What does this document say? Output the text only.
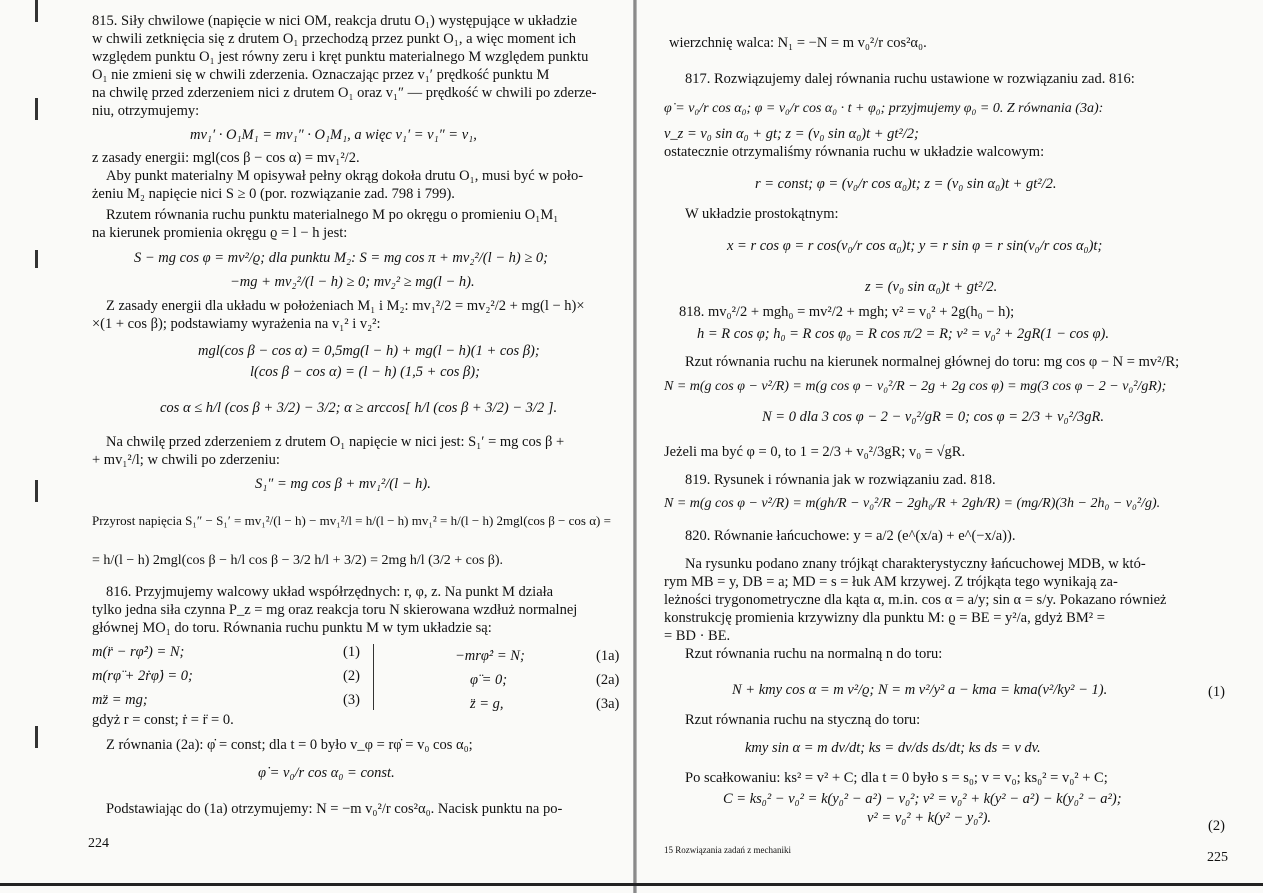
815. Siły chwilowe (napięcie w nici OM, reakcja drutu O₁) występujące w układzie
w chwili zetknięcia się z drutem O₁ przechodzą przez punkt O₁, a więc moment ich
względem punktu O₁ jest równy zeru i kręt punktu materialnego M względem punktu
O₁ nie zmieni się w chwili zderzenia. Oznaczając przez v₁′ prędkość punktu M
na chwilę przed zderzeniem nici z drutem O₁ oraz v₁″ — prędkość w chwili po zderze-
niu, otrzymujemy:
mv₁′ · O₁M₁ = mv₁″ · O₁M₁, a więc v₁′ = v₁″ = v₁,
z zasady energii: mgl(cos β − cos α) = mv₁²/2.
Aby punkt materialny M opisywał pełny okrąg dokoła drutu O₁, musi być w poło-
żeniu M₂ napięcie nici S ≥ 0 (por. rozwiązanie zad. 798 i 799).
Rzutem równania ruchu punktu materialnego M po okręgu o promieniu O₁M₁
na kierunek promienia okręgu ϱ = l − h jest:
S − mg cos φ = mv²/ϱ; dla punktu M₂: S = mg cos π + mv₂²/(l − h) ≥ 0;
−mg + mv₂²/(l − h) ≥ 0; mv₂² ≥ mg(l − h).
Z zasady energii dla układu w położeniach M₁ i M₂: mv₁²/2 = mv₂²/2 + mg(l − h)×
×(1 + cos β); podstawiamy wyrażenia na v₁² i v₂²:
mgl(cos β − cos α) = 0,5mg(l − h) + mg(l − h)(1 + cos β);
l(cos β − cos α) = (l − h) (1,5 + cos β);
cos α ≤ h/l (cos β + 3/2) − 3/2; α ≥ arccos[ h/l (cos β + 3/2) − 3/2 ].
Na chwilę przed zderzeniem z drutem O₁ napięcie w nici jest: S₁′ = mg cos β +
+ mv₁²/l; w chwili po zderzeniu:
S₁″ = mg cos β + mv₁²/(l − h).
Przyrost napięcia S₁″ − S₁′ = mv₁²/(l − h) − mv₁²/l = h/(l − h) mv₁² = h/(l − h) 2mgl(cos β − cos α) =
= h/(l − h) 2mgl(cos β − h/l cos β − 3/2 h/l + 3/2) = 2mg h/l (3/2 + cos β).
816. Przyjmujemy walcowy układ współrzędnych: r, φ, z. Na punkt M działa
tylko jedna siła czynna P_z = mg oraz reakcja toru N skierowana wzdłuż normalnej
głównej MO₁ do toru. Równania ruchu punktu M w tym układzie są:
m(r̈ − rφ̇²) = N;	(1)
m(rφ̈ + 2ṙφ̇) = 0;	(2)
mz̈ = mg;	(3)
−mrφ̇² = N;	(1a)
φ̈ = 0;	(2a)
z̈ = g,	(3a)
gdyż r = const; ṙ = r̈ = 0.
Z równania (2a): φ̇ = const; dla t = 0 było v_φ = rφ̇ = v₀ cos α₀;
φ̇ = v₀/r cos α₀ = const.
Podstawiając do (1a) otrzymujemy: N = −m v₀²/r cos²α₀. Nacisk punktu na po-
224
wierzchnię walca: N₁ = −N = m v₀²/r cos²α₀.
817. Rozwiązujemy dalej równania ruchu ustawione w rozwiązaniu zad. 816:
φ̇ = v₀/r cos α₀; φ = v₀/r cos α₀ · t + φ₀; przyjmujemy φ₀ = 0. Z równania (3a):
v_z = v₀ sin α₀ + gt; z = (v₀ sin α₀)t + gt²/2;
ostatecznie otrzymaliśmy równania ruchu w układzie walcowym:
r = const; φ = (v₀/r cos α₀)t; z = (v₀ sin α₀)t + gt²/2.
W układzie prostokątnym:
x = r cos φ = r cos(v₀/r cos α₀)t; y = r sin φ = r sin(v₀/r cos α₀)t;
z = (v₀ sin α₀)t + gt²/2.
818. mv₀²/2 + mgh₀ = mv²/2 + mgh; v² = v₀² + 2g(h₀ − h);
h = R cos φ; h₀ = R cos φ₀ = R cos π/2 = R; v² = v₀² + 2gR(1 − cos φ).
Rzut równania ruchu na kierunek normalnej głównej do toru: mg cos φ − N = mv²/R;
N = m(g cos φ − v²/R) = m(g cos φ − v₀²/R − 2g + 2g cos φ) = mg(3 cos φ − 2 − v₀²/gR);
N = 0 dla 3 cos φ − 2 − v₀²/gR = 0; cos φ = 2/3 + v₀²/3gR.
Jeżeli ma być φ = 0, to 1 = 2/3 + v₀²/3gR; v₀ = √gR.
819. Rysunek i równania jak w rozwiązaniu zad. 818.
N = m(g cos φ − v²/R) = m(gh/R − v₀²/R − 2gh₀/R + 2gh/R) = (mg/R)(3h − 2h₀ − v₀²/g).
820. Równanie łańcuchowe: y = a/2 (e^(x/a) + e^(−x/a)).
Na rysunku podano znany trójkąt charakterystyczny łańcuchowej MDB, w któ-
rym MB = y, DB = a; MD = s = łuk AM krzywej. Z trójkąta tego wynikają za-
leżności trygonometryczne dla kąta α, m.in. cos α = a/y; sin α = s/y. Pokazano również
konstrukcję promienia krzywizny dla punktu M: ϱ = BE = y²/a, gdyż BM² =
= BD · BE.
Rzut równania ruchu na normalną n do toru:
N + kmy cos α = m v²/ϱ; N = m v²/y² a − kma = kma(v²/ky² − 1).	(1)
Rzut równania ruchu na styczną do toru:
kmy sin α = m dv/dt; ks = dv/ds ds/dt; ks ds = v dv.
Po scałkowaniu: ks² = v² + C; dla t = 0 było s = s₀; v = v₀; ks₀² = v₀² + C;
C = ks₀² − v₀² = k(y₀² − a²) − v₀²; v² = v₀² + k(y² − a²) − k(y₀² − a²);
v² = v₀² + k(y² − y₀²).	(2)
15 Rozwiązania zadań z mechaniki	225
